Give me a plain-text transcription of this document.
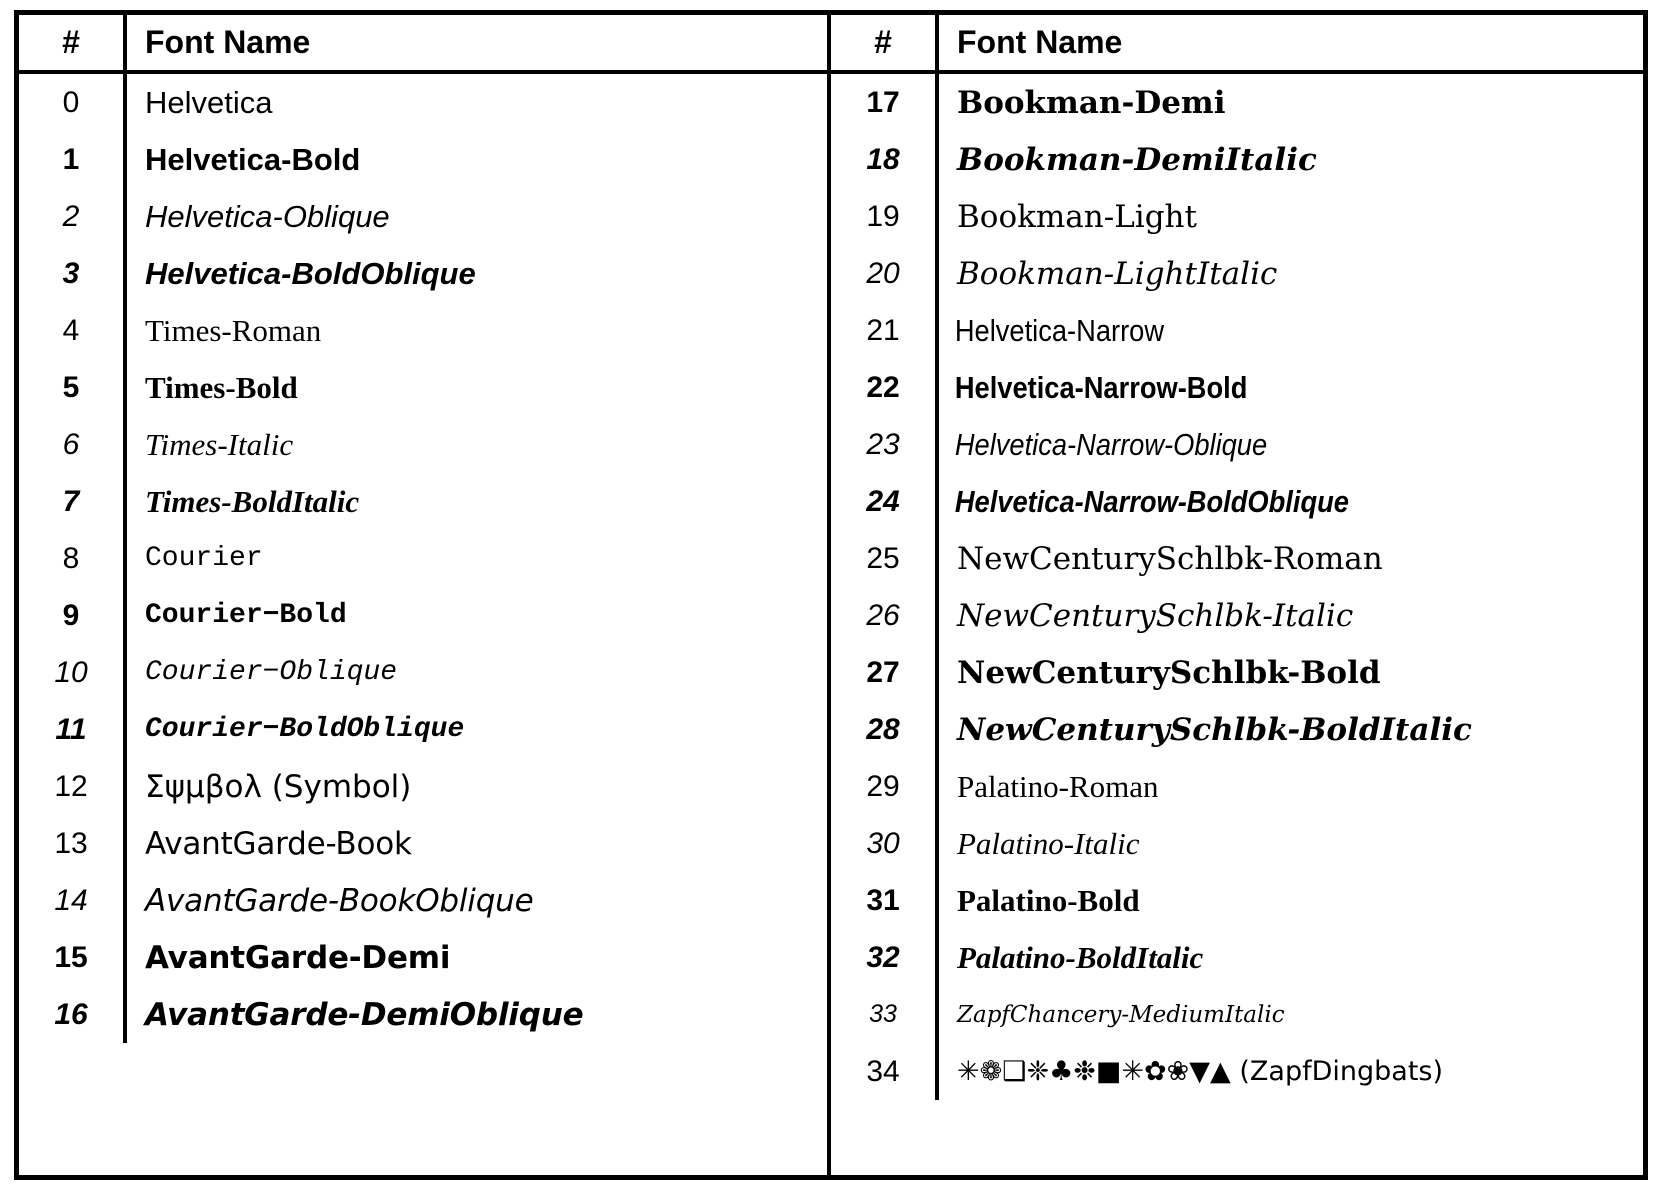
#	Font Name
0	Helvetica
1	Helvetica-Bold
2	Helvetica-Oblique
3	Helvetica-BoldOblique
4	Times-Roman
5	Times-Bold
6	Times-Italic
7	Times-BoldItalic
8	Courier
9	Courier−Bold
10	Courier−Oblique
11	Courier−BoldOblique
12	Σψμβολ (Symbol)
13	AvantGarde-Book
14	AvantGarde-BookOblique
15	AvantGarde-Demi
16	AvantGarde-DemiOblique
#	Font Name
17	Bookman-Demi
18	Bookman-DemiItalic
19	Bookman-Light
20	Bookman-LightItalic
21	Helvetica-Narrow
22	Helvetica-Narrow-Bold
23	Helvetica-Narrow-Oblique
24	Helvetica-Narrow-BoldOblique
25	NewCenturySchlbk-Roman
26	NewCenturySchlbk-Italic
27	NewCenturySchlbk-Bold
28	NewCenturySchlbk-BoldItalic
29	Palatino-Roman
30	Palatino-Italic
31	Palatino-Bold
32	Palatino-BoldItalic
33	ZapfChancery-MediumItalic
34	✳❁❑❈♣❉■✳✿❀▼▲ (ZapfDingbats)
